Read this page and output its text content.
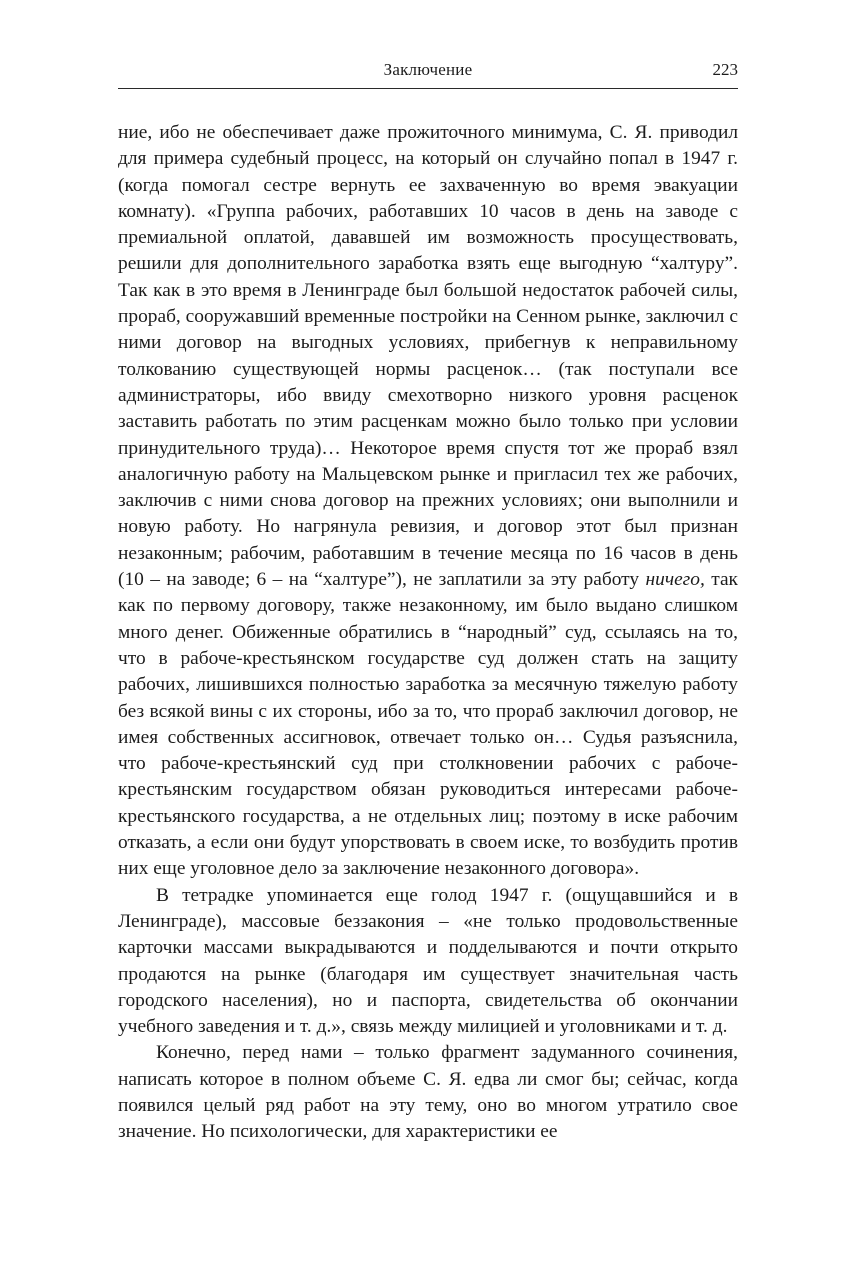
Заключение	223

ние, ибо не обеспечивает даже прожиточного минимума, С. Я. приводил для примера судебный процесс, на который он случайно попал в 1947 г. (когда помогал сестре вернуть ее захваченную во время эвакуации комнату). «Группа рабочих, работавших 10 часов в день на заводе с премиальной оплатой, дававшей им возможность просуществовать, решили для дополнительного заработка взять еще выгодную “халтуру”. Так как в это время в Ленинграде был большой недостаток рабочей силы, прораб, сооружавший временные постройки на Сенном рынке, заключил с ними договор на выгодных условиях, прибегнув к неправильному толкованию существующей нормы расценок… (так поступали все администраторы, ибо ввиду смехотворно низкого уровня расценок заставить работать по этим расценкам можно было только при условии принудительного труда)… Некоторое время спустя тот же прораб взял аналогичную работу на Мальцевском рынке и пригласил тех же рабочих, заключив с ними снова договор на прежних условиях; они выполнили и новую работу. Но нагрянула ревизия, и договор этот был признан незаконным; рабочим, работавшим в течение месяца по 16 часов в день (10 – на заводе; 6 – на “халтуре”), не заплатили за эту работу ничего, так как по первому договору, также незаконному, им было выдано слишком много денег. Обиженные обратились в “народный” суд, ссылаясь на то, что в рабоче-крестьянском государстве суд должен стать на защиту рабочих, лишившихся полностью заработка за месячную тяжелую работу без всякой вины с их стороны, ибо за то, что прораб заключил договор, не имея собственных ассигновок, отвечает только он… Судья разъяснила, что рабоче-крестьянский суд при столкновении рабочих с рабоче-крестьянским государством обязан руководиться интересами рабоче-крестьянского государства, а не отдельных лиц; поэтому в иске рабочим отказать, а если они будут упорствовать в своем иске, то возбудить против них еще уголовное дело за заключение незаконного договора».

В тетрадке упоминается еще голод 1947 г. (ощущавшийся и в Ленинграде), массовые беззакония – «не только продовольственные карточки массами выкрадываются и подделываются и почти открыто продаются на рынке (благодаря им существует значительная часть городского населения), но и паспорта, свидетельства об окончании учебного заведения и т. д.», связь между милицией и уголовниками и т. д.

Конечно, перед нами – только фрагмент задуманного сочинения, написать которое в полном объеме С. Я. едва ли смог бы; сейчас, когда появился целый ряд работ на эту тему, оно во многом утратило свое значение. Но психологически, для характеристики ее
